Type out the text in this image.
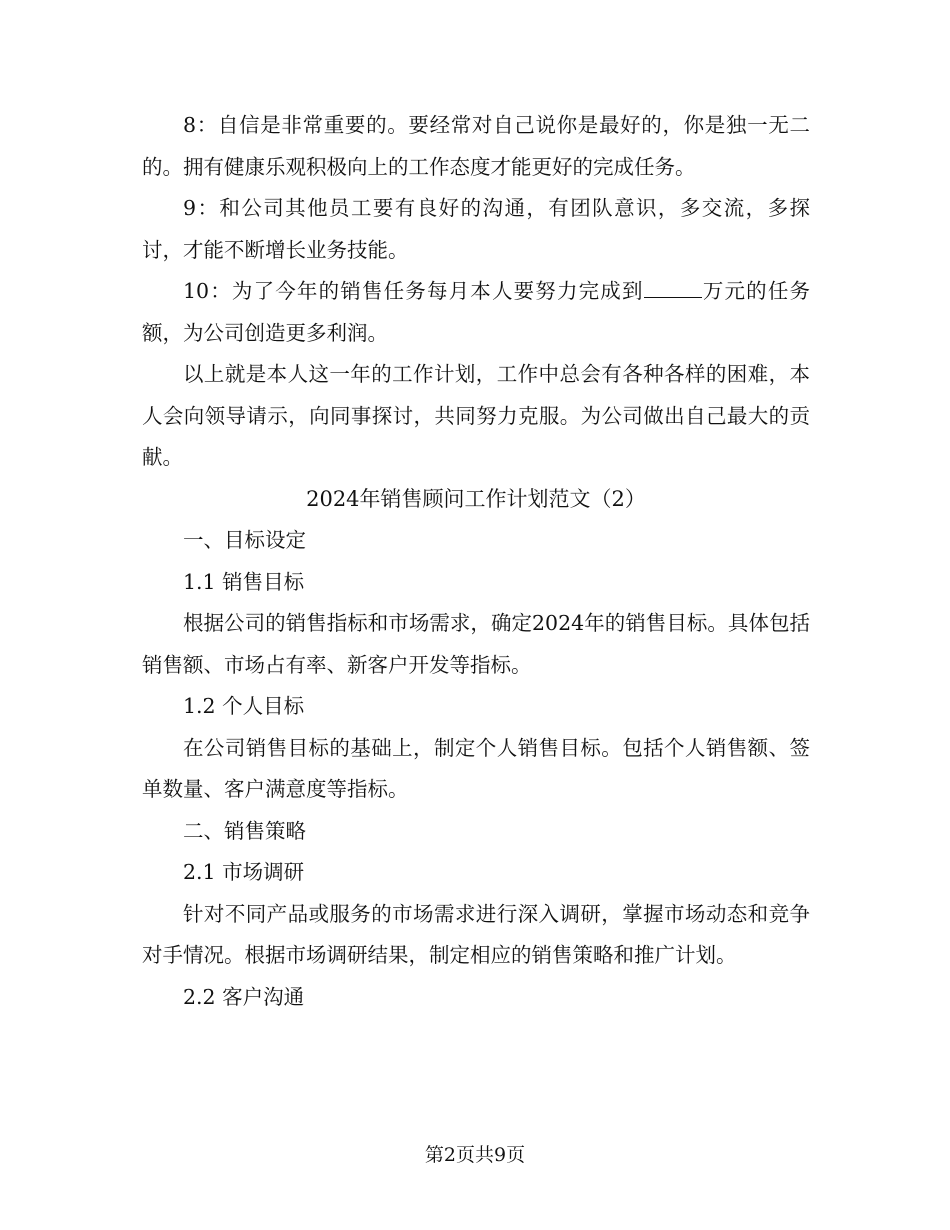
8：自信是非常重要的。要经常对自己说你是最好的，你是独一无二的。拥有健康乐观积极向上的工作态度才能更好的完成任务。

9：和公司其他员工要有良好的沟通，有团队意识，多交流，多探讨，才能不断增长业务技能。

10：为了今年的销售任务每月本人要努力完成到	万元的任务额，为公司创造更多利润。

以上就是本人这一年的工作计划，工作中总会有各种各样的困难，本人会向领导请示，向同事探讨，共同努力克服。为公司做出自己最大的贡献。

2024年销售顾问工作计划范文（2）

一、目标设定

1.1 销售目标

根据公司的销售指标和市场需求，确定2024年的销售目标。具体包括销售额、市场占有率、新客户开发等指标。

1.2 个人目标

在公司销售目标的基础上，制定个人销售目标。包括个人销售额、签单数量、客户满意度等指标。

二、销售策略

2.1 市场调研

针对不同产品或服务的市场需求进行深入调研，掌握市场动态和竞争对手情况。根据市场调研结果，制定相应的销售策略和推广计划。

2.2 客户沟通

第2页共9页
